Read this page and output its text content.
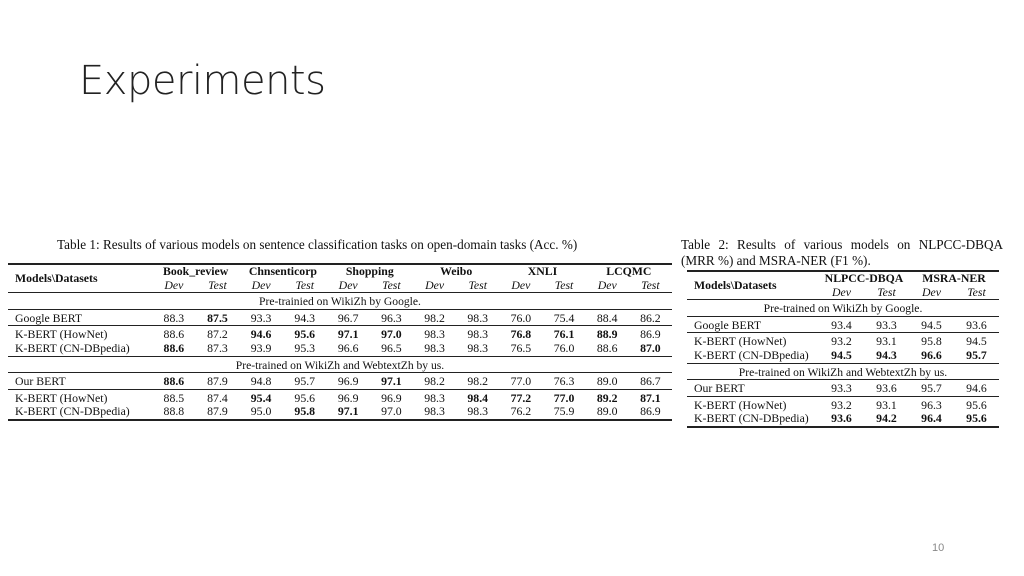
Experiments
Table 1: Results of various models on sentence classification tasks on open-domain tasks (Acc. %)
Models\Datasets	Book_review		Chnsenticorp		Shopping		Weibo		XNLI		LCQMC	
	Dev	Test	Dev	Test	Dev	Test	Dev	Test	Dev	Test	Dev	Test
Pre-trainied on WikiZh by Google.												
Google BERT	88.3	87.5	93.3	94.3	96.7	96.3	98.2	98.3	76.0	75.4	88.4	86.2
K-BERT (HowNet)	88.6	87.2	94.6	95.6	97.1	97.0	98.3	98.3	76.8	76.1	88.9	86.9
K-BERT (CN-DBpedia)	88.6	87.3	93.9	95.3	96.6	96.5	98.3	98.3	76.5	76.0	88.6	87.0
Pre-trained on WikiZh and WebtextZh by us.												
Our BERT	88.6	87.9	94.8	95.7	96.9	97.1	98.2	98.2	77.0	76.3	89.0	86.7
K-BERT (HowNet)	88.5	87.4	95.4	95.6	96.9	96.9	98.3	98.4	77.2	77.0	89.2	87.1
K-BERT (CN-DBpedia)	88.8	87.9	95.0	95.8	97.1	97.0	98.3	98.3	76.2	75.9	89.0	86.9
Table 2: Results of various models on NLPCC-DBQA (MRR %) and MSRA-NER (F1 %).
Models\Datasets	NLPCC-DBQA		MSRA-NER	
	Dev	Test	Dev	Test
Pre-trained on WikiZh by Google.				
Google BERT	93.4	93.3	94.5	93.6
K-BERT (HowNet)	93.2	93.1	95.8	94.5
K-BERT (CN-DBpedia)	94.5	94.3	96.6	95.7
Pre-trained on WikiZh and WebtextZh by us.				
Our BERT	93.3	93.6	95.7	94.6
K-BERT (HowNet)	93.2	93.1	96.3	95.6
K-BERT (CN-DBpedia)	93.6	94.2	96.4	95.6
10
